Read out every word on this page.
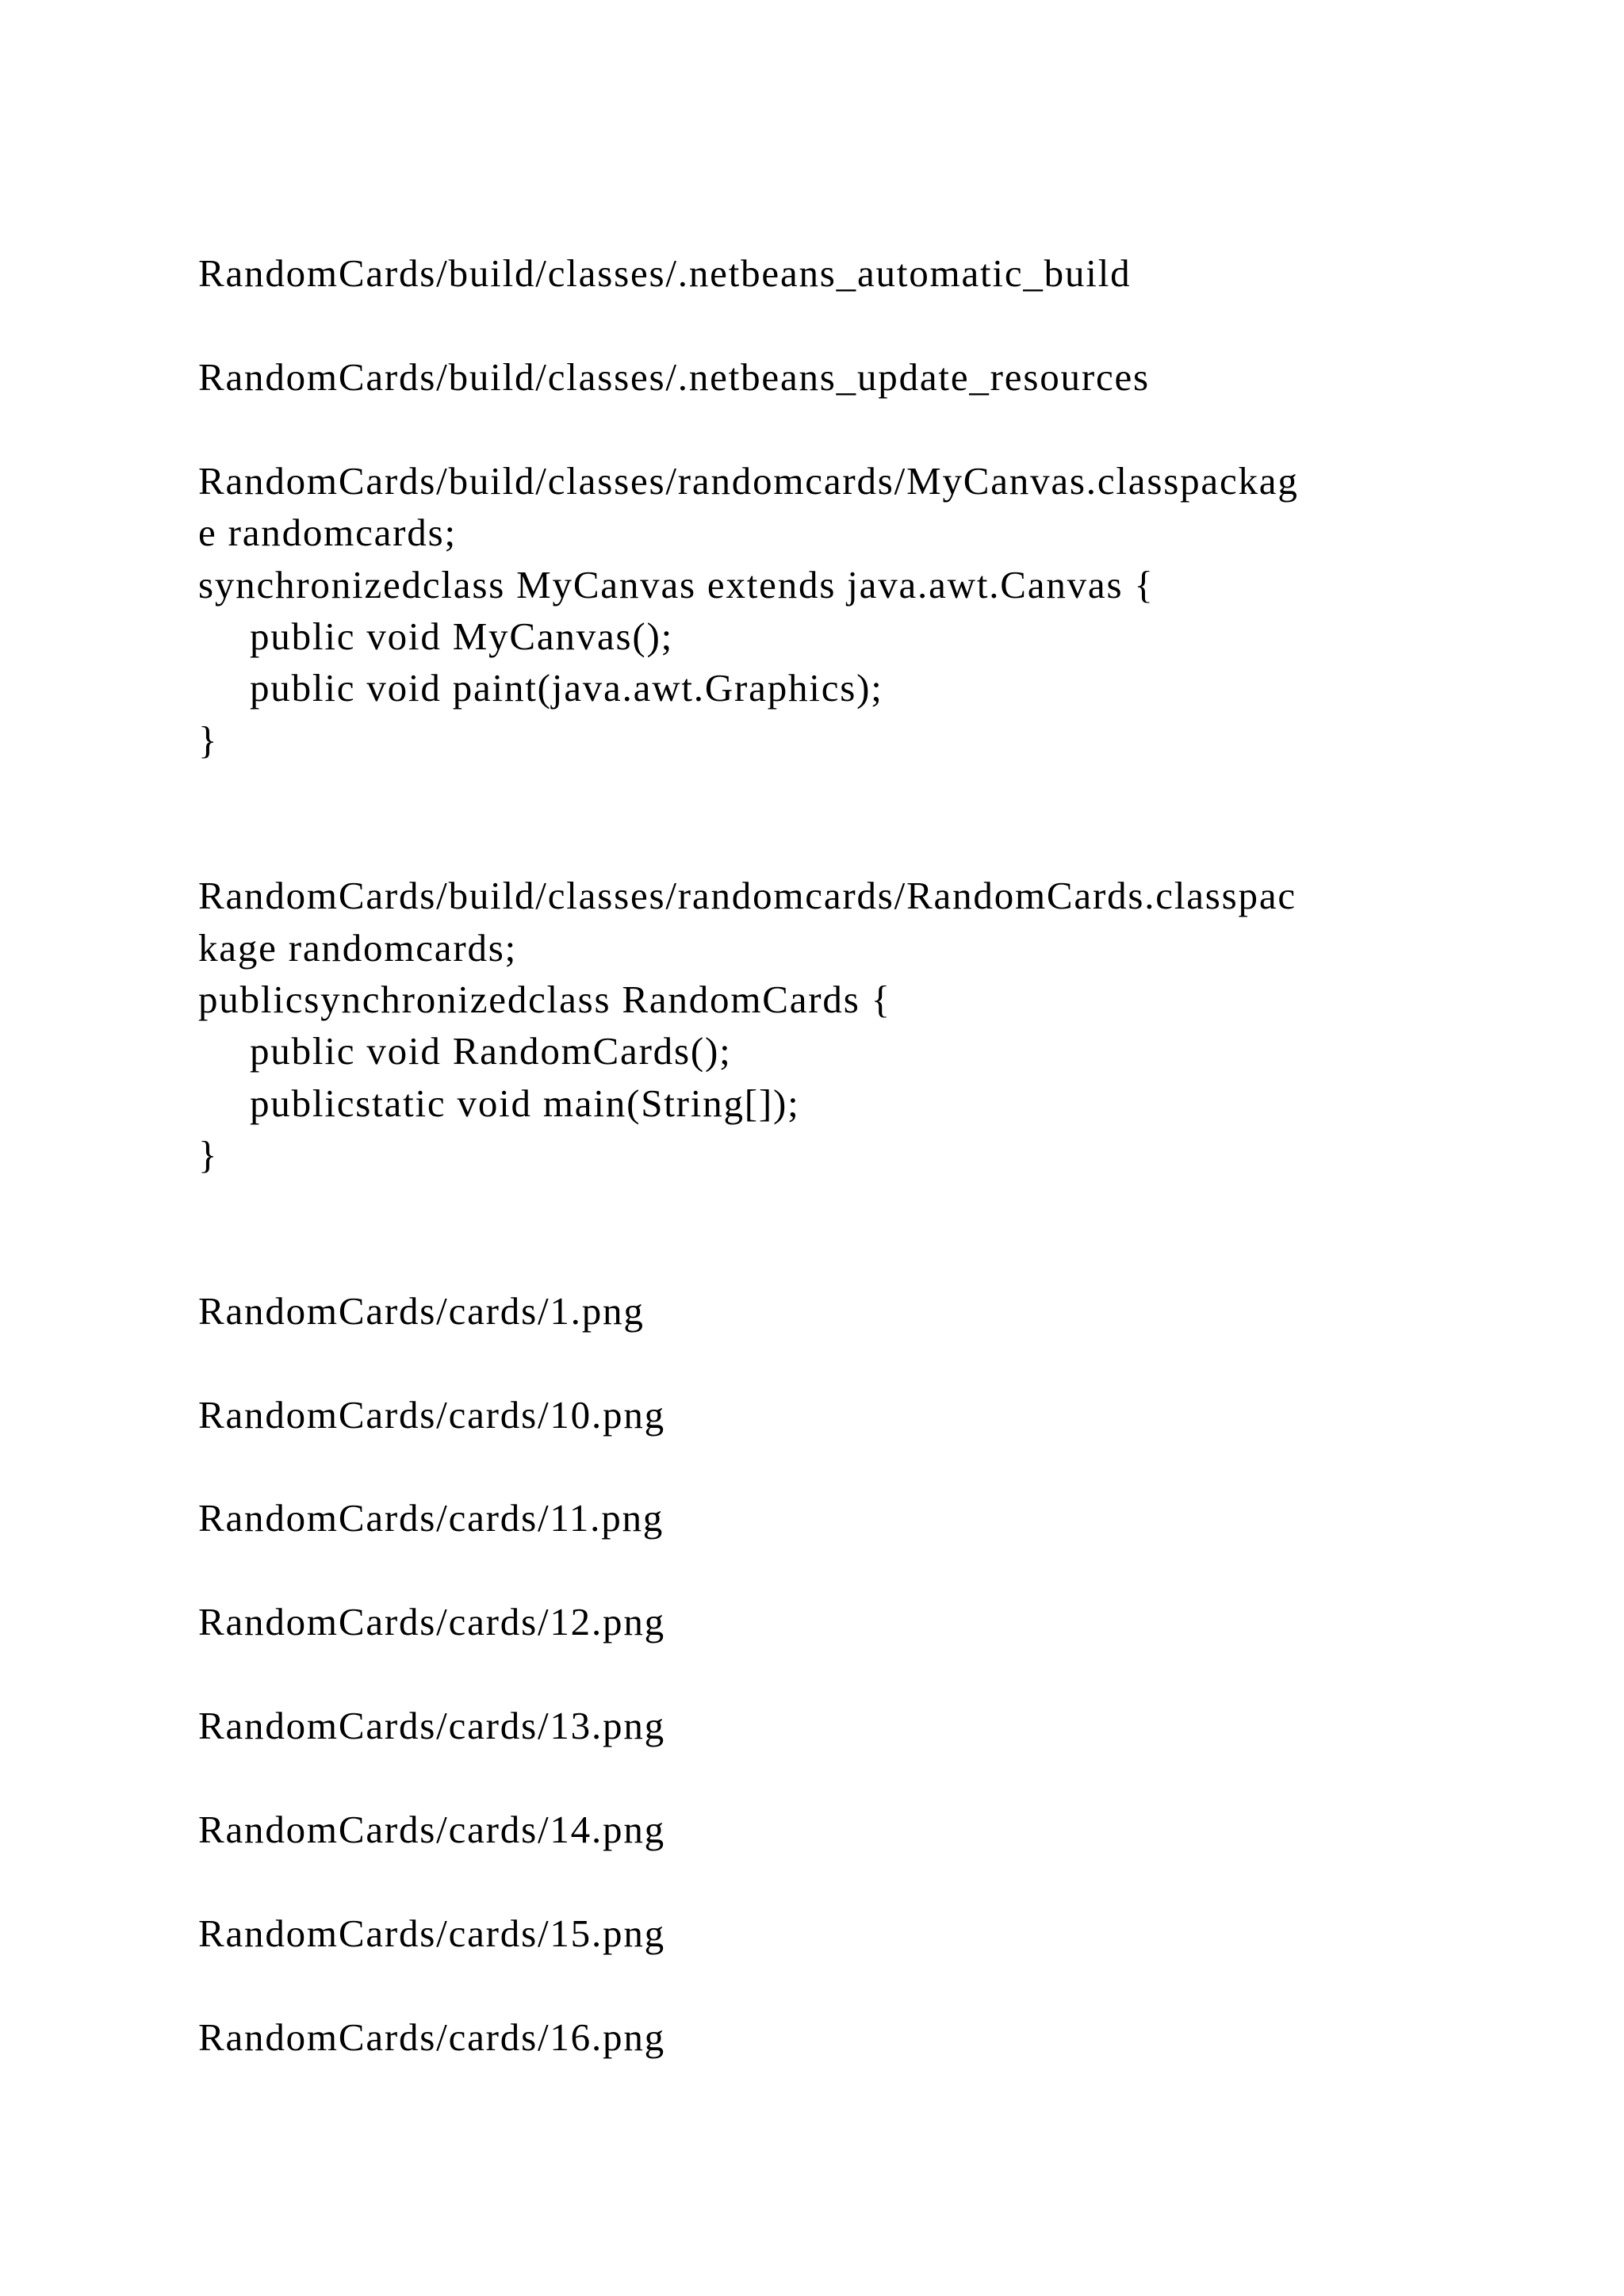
RandomCards/build/classes/.netbeans_automatic_build
RandomCards/build/classes/.netbeans_update_resources
RandomCards/build/classes/randomcards/MyCanvas.classpackag
e randomcards;
synchronizedclass MyCanvas extends java.awt.Canvas {
public void MyCanvas();
public void paint(java.awt.Graphics);
}
RandomCards/build/classes/randomcards/RandomCards.classpac
kage randomcards;
publicsynchronizedclass RandomCards {
public void RandomCards();
publicstatic void main(String[]);
}
RandomCards/cards/1.png
RandomCards/cards/10.png
RandomCards/cards/11.png
RandomCards/cards/12.png
RandomCards/cards/13.png
RandomCards/cards/14.png
RandomCards/cards/15.png
RandomCards/cards/16.png
